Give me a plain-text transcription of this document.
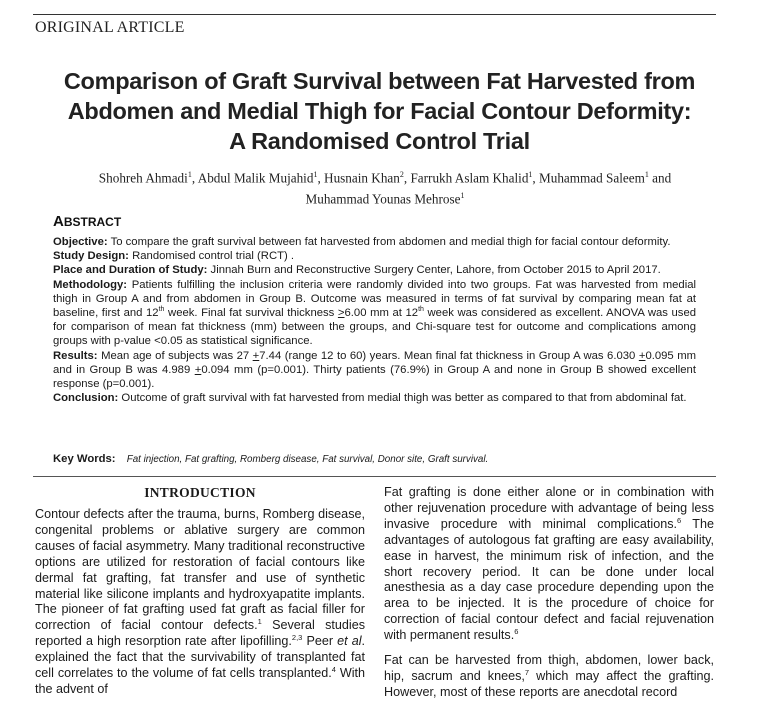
ORIGINAL ARTICLE
Comparison of Graft Survival between Fat Harvested from
Abdomen and Medial Thigh for Facial Contour Deformity:
A Randomised Control Trial
Shohreh Ahmadi$^1$, Abdul Malik Mujahid$^1$, Husnain Khan$^2$, Farrukh Aslam Khalid$^1$, Muhammad Saleem$^1$ and
Muhammad Younas Mehrose$^1$
ABSTRACT

Objective: To compare the graft survival between fat harvested from abdomen and medial thigh for facial contour deformity.

Study Design: Randomised control trial (RCT) .

Place and Duration of Study: Jinnah Burn and Reconstructive Surgery Center, Lahore, from October 2015 to April 2017.

Methodology: Patients fulfilling the inclusion criteria were randomly divided into two groups. Fat was harvested from medial thigh in Group A and from abdomen in Group B. Outcome was measured in terms of fat survival by comparing mean fat at baseline, first and 12th week. Final fat survival thickness ≥6.00 mm at 12th week was considered as excellent. ANOVA was used for comparison of mean fat thickness (mm) between the groups, and Chi-square test for outcome and complications among groups with p-value <0.05 as statistical significance.

Results: Mean age of subjects was 27 +7.44 (range 12 to 60) years. Mean final fat thickness in Group A was 6.030 +0.095 mm and in Group B was 4.989 +0.094 mm (p=0.001). Thirty patients (76.9%) in Group A and none in Group B showed excellent response (p=0.001).

Conclusion: Outcome of graft survival with fat harvested from medial thigh was better as compared to that from abdominal fat.

Key Words: Fat injection, Fat grafting, Romberg disease, Fat survival, Donor site, Graft survival.
INTRODUCTION

Contour defects after the trauma, burns, Romberg disease, congenital problems or ablative surgery are common causes of facial asymmetry. Many traditional reconstructive options are utilized for restoration of facial contours like dermal fat grafting, fat transfer and use of synthetic material like silicone implants and hydroxyapatite implants. The pioneer of fat grafting used fat graft as facial filler for correction of facial contour defects.$^1$ Several studies reported a high resorption rate after lipofilling.$^{2,3}$ Peer et al. explained the fact that the survivability of transplanted fat cell correlates to the volume of fat cells transplanted.$^4$ With the advent of

Fat grafting is done either alone or in combination with other rejuvenation procedure with advantage of being less invasive procedure with minimal complications.$^6$ The advantages of autologous fat grafting are easy availability, ease in harvest, the minimum risk of infection, and the short recovery period. It can be done under local anesthesia as a day case procedure depending upon the area to be injected. It is the procedure of choice for correction of facial contour defect and facial rejuvenation with permanent results.$^6$

Fat can be harvested from thigh, abdomen, lower back, hip, sacrum and knees,$^7$ which may affect the grafting. However, most of these reports are anecdotal record
